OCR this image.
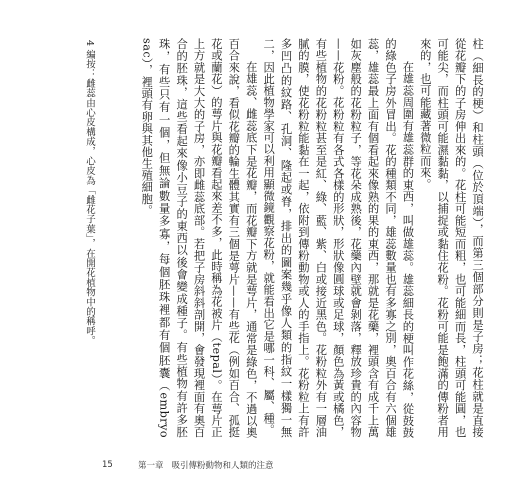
柱（細長的梗）和柱頭（位於頂端），而第三個部分則是子房；花柱就是直接從花瓣下的子房伸出來的。花柱可能短而粗，也可能細而長，柱頭可能圓，也可能尖，而柱頭可能濕黏黏，以捕捉或黏住花粉。花粉可能是飽滿的傳粉者用來的，也可能藏著微粒而來。

在雄蕊周圍有雄蕊群的東西，叫做雄蕊。雄蕊細長的梗叫作花絲，從鼓鼓的綠色子房外冒出。花的種類不同，雄蕊數量也有多寡之別，奧百合有六個雄蕊，雄蕊最上面有個看起來像熟的果的東西，那就是花藥，裡頭含有成千上萬如灰塵般的花粉粒子，等花朵成熟後，花藥內壁就會剝落，釋放珍貴的內容物——花粉。花粉粒有各式各樣的形狀，形狀像圓球或足球，顏色為黃或橘色，有些植物的花粉粒甚至是紅、綠、藍、紫、白或接近黑色。花粉粒外有一層油膩的膜，使花粉粒能黏在一起，依附到傳粉動物或人的手指上。花粉粒上有許多凹凸的紋路、孔洞、隆起或脊，排出的圖案幾乎像人類的指紋一樣獨一無二，因此植物學家可以利用顯微鏡觀察花粉，就能看出它是哪一科、屬、種。

在雄蕊、雌蕊底下是花瓣，而花瓣下方就是萼片，通常是綠色，不過以奧百合來說，看似花瓣的輪生體其實有三個是萼片——有些花（例如百合、孤挺花或蘭花）的萼片與花瓣看起來差不多，此時稱為花被片（tepal）。在萼片正上方就是大大的子房，亦即雌蕊底部。若把子房斜斜剖開，會發現裡面有奧百合的胚珠，這些看起來像小豆子的東西以後會變成種子。有些植物有許多胚珠，有些只有一個，但無論數量多寡，每個胚珠裡都有個胚囊（embryo sac），裡頭有卵與其他生殖細胞。

4 編按：雌蕊由心皮構成，心皮為「雌花子葉」，在開花植物中的稱呼。
15	第一章 吸引傳粉動物和人類的注意
